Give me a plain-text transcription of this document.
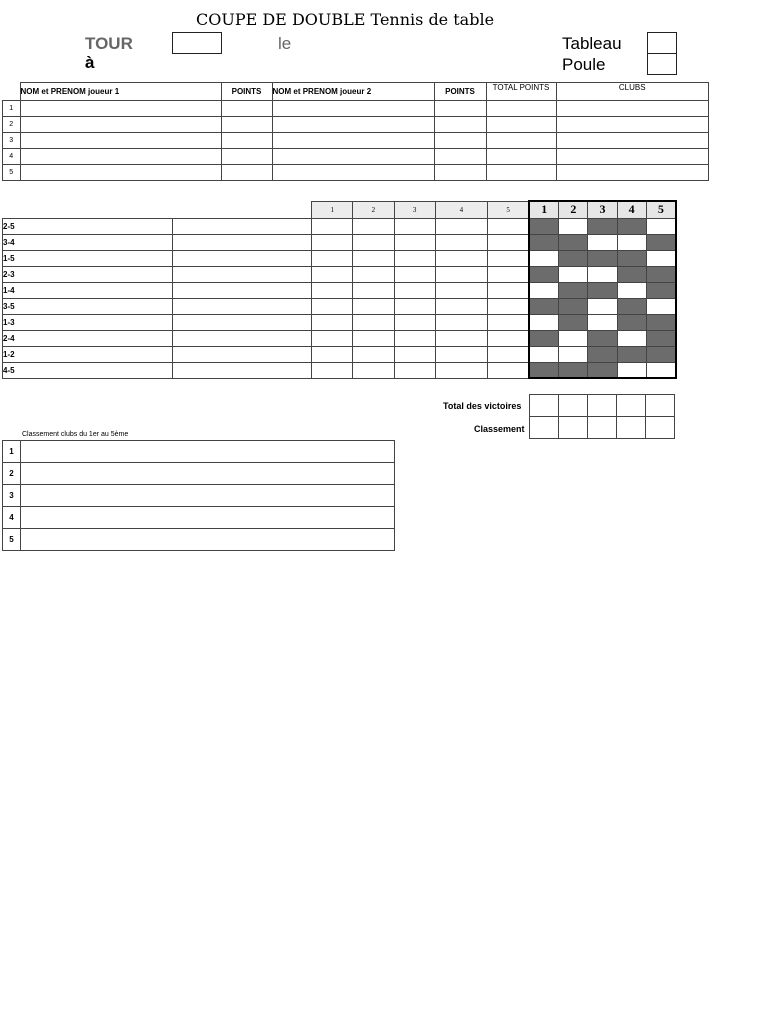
COUPE DE DOUBLE Tennis de table
TOUR
à
le	Tableau
Poule
	NOM et PRENOM joueur 1	POINTS	NOM et PRENOM joueur 2	POINTS	TOTAL POINTS	CLUBS
1						
2						
3						
4						
5						
		1	2	3	4	5	1	2	3	4	5
2-5											
3-4											
1-5											
2-3											
1-4											
3-5											
1-3											
2-4											
1-2											
4-5											
Total des victoires
Classement

Classement clubs du 1er au 5ème
1	
2	
3	
4	
5	
